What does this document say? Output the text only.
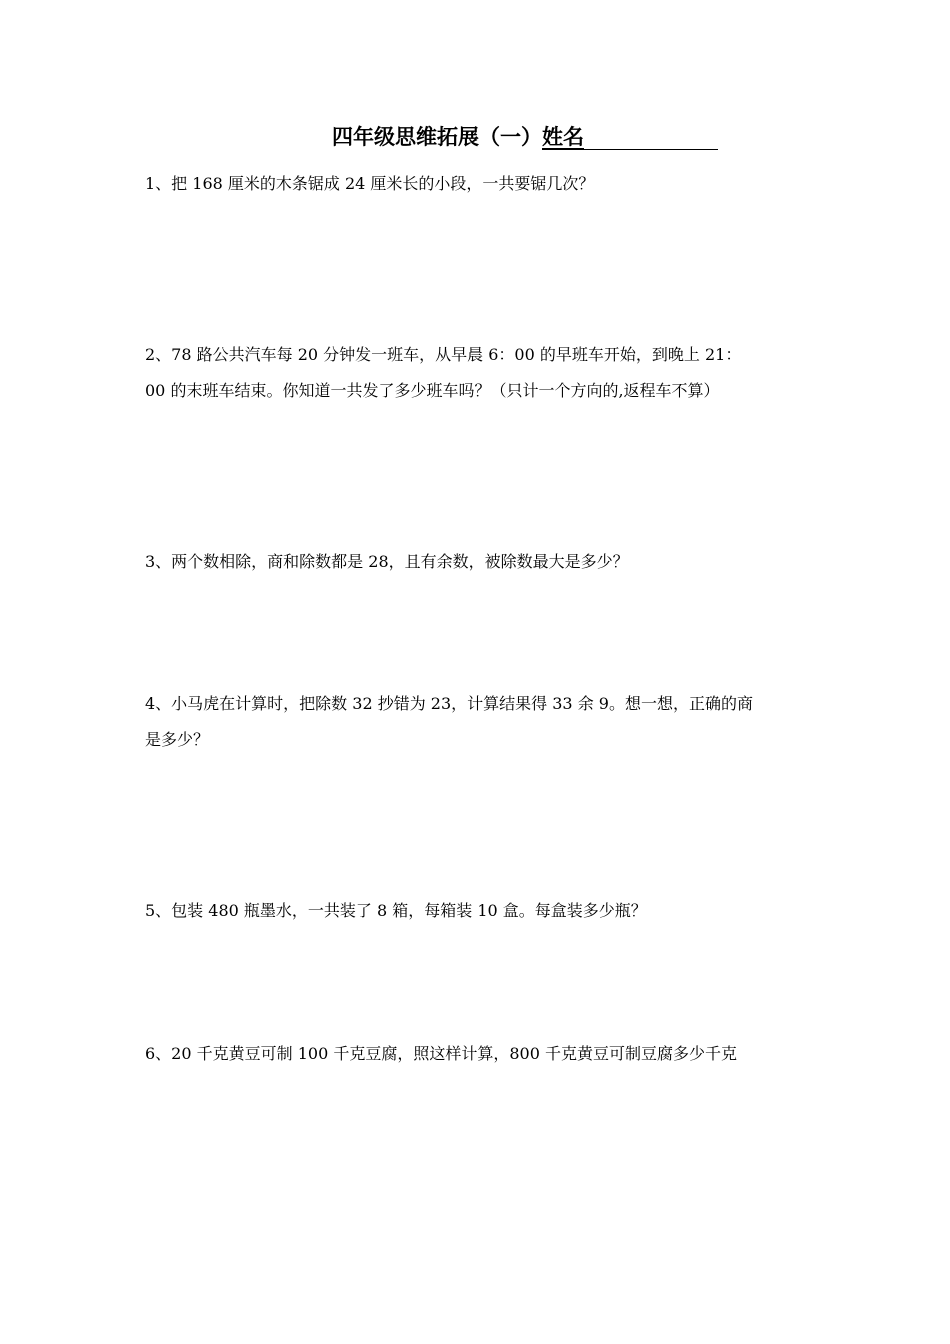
四年级思维拓展（一）姓名

1、把 168 厘米的木条锯成 24 厘米长的小段，一共要锯几次？

2、78 路公共汽车每 20 分钟发一班车，从早晨 6：00 的早班车开始，到晚上 21：

00 的末班车结束。你知道一共发了多少班车吗？（只计一个方向的,返程车不算）

3、两个数相除，商和除数都是 28，且有余数，被除数最大是多少？

4、小马虎在计算时，把除数 32 抄错为 23，计算结果得 33 余 9。想一想，正确的商

是多少？

5、包装 480 瓶墨水，一共装了 8 箱，每箱装 10 盒。每盒装多少瓶？

6、20 千克黄豆可制 100 千克豆腐，照这样计算，800 千克黄豆可制豆腐多少千克
